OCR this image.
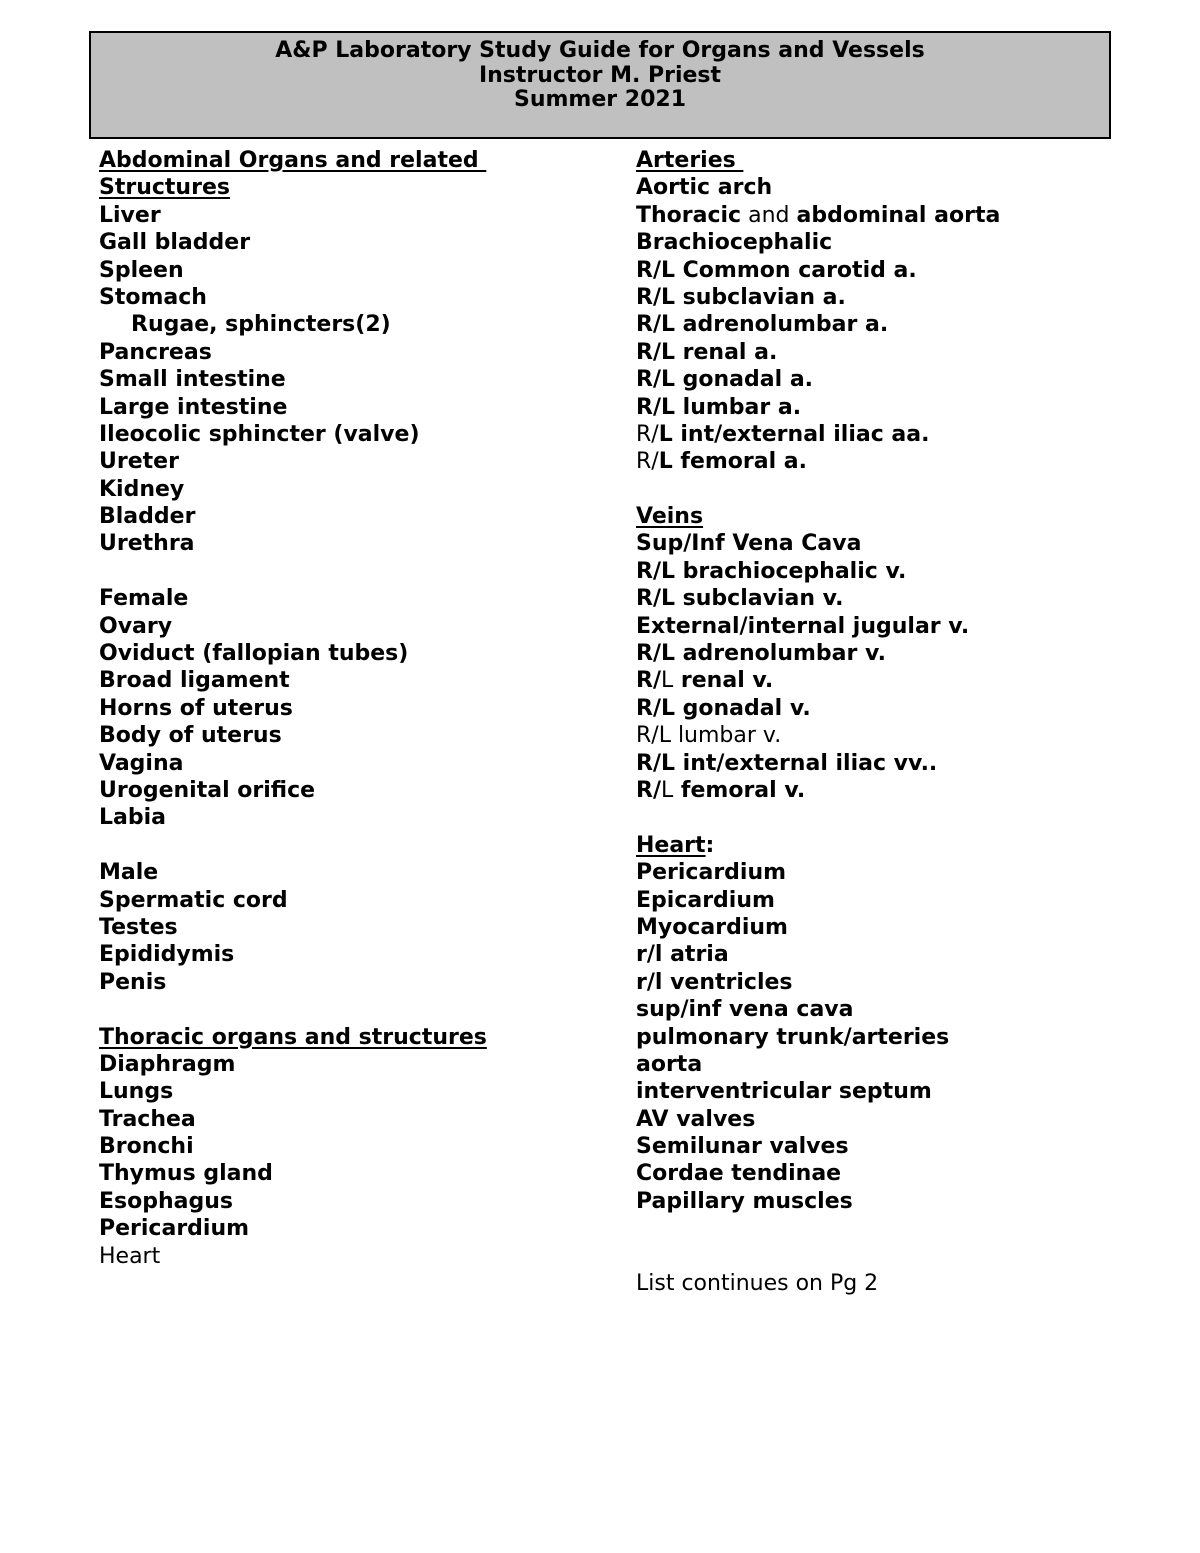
A&P Laboratory Study Guide for Organs and Vessels
Instructor M. Priest
Summer 2021
Abdominal Organs and related
Structures
Liver
Gall bladder
Spleen
Stomach
Rugae, sphincters(2)
Pancreas
Small intestine
Large intestine
Ileocolic sphincter (valve)
Ureter
Kidney
Bladder
Urethra
Female
Ovary
Oviduct (fallopian tubes)
Broad ligament
Horns of uterus
Body of uterus
Vagina
Urogenital orifice
Labia
Male
Spermatic cord
Testes
Epididymis
Penis
Thoracic organs and structures
Diaphragm
Lungs
Trachea
Bronchi
Thymus gland
Esophagus
Pericardium
Heart
Arteries
Aortic arch
Thoracic and abdominal aorta
Brachiocephalic
R/L Common carotid a.
R/L subclavian a.
R/L adrenolumbar a.
R/L renal a.
R/L gonadal a.
R/L lumbar a.
R/L int/external iliac aa.
R/L femoral a.
Veins
Sup/Inf Vena Cava
R/L brachiocephalic v.
R/L subclavian v.
External/internal jugular v.
R/L adrenolumbar v.
R/L renal v.
R/L gonadal v.
R/L lumbar v.
R/L int/external iliac vv..
R/L femoral v.
Heart:
Pericardium
Epicardium
Myocardium
r/l atria
r/l ventricles
sup/inf vena cava
pulmonary trunk/arteries
aorta
interventricular septum
AV valves
Semilunar valves
Cordae tendinae
Papillary muscles
List continues on Pg 2
